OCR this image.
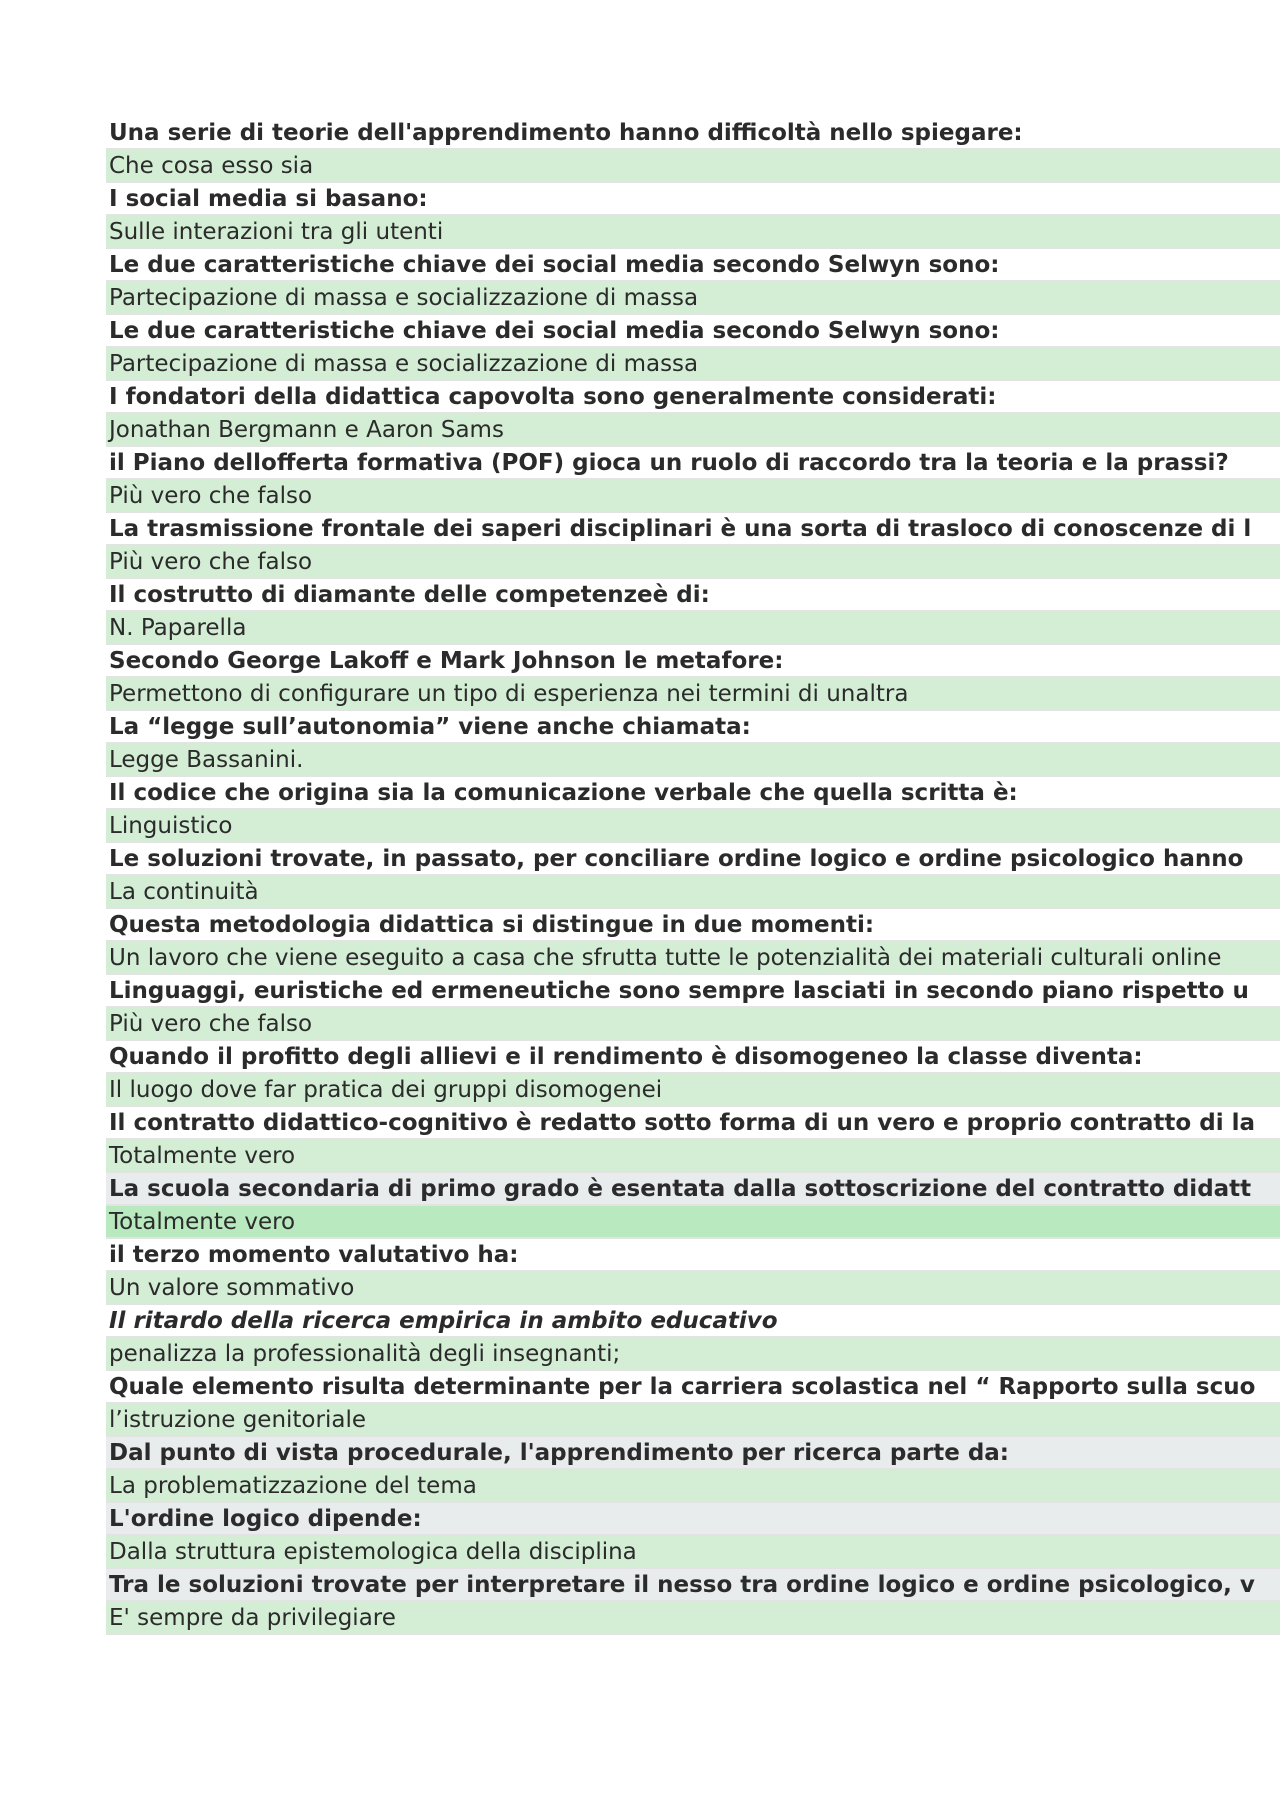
Una serie di teorie dell'apprendimento hanno difficoltà nello spiegare:
Che cosa esso sia
I social media si basano:
Sulle interazioni tra gli utenti
Le due caratteristiche chiave dei social media secondo Selwyn sono:
Partecipazione di massa e socializzazione di massa
Le due caratteristiche chiave dei social media secondo Selwyn sono:
Partecipazione di massa e socializzazione di massa
I fondatori della didattica capovolta sono generalmente considerati:
Jonathan Bergmann e Aaron Sams
il Piano dellofferta formativa (POF) gioca un ruolo di raccordo tra la teoria e la prassi?
Più vero che falso
La trasmissione frontale dei saperi disciplinari è una sorta di trasloco di conoscenze di l
Più vero che falso
Il costrutto di diamante delle competenzeè di:
N. Paparella
Secondo George Lakoff e Mark Johnson le metafore:
Permettono di configurare un tipo di esperienza nei termini di unaltra
La “legge sull’autonomia” viene anche chiamata:
Legge Bassanini.
Il codice che origina sia la comunicazione verbale che quella scritta è:
Linguistico
Le soluzioni trovate, in passato, per conciliare ordine logico e ordine psicologico hanno
La continuità
Questa metodologia didattica si distingue in due momenti:
Un lavoro che viene eseguito a casa che sfrutta tutte le potenzialità dei materiali culturali online
Linguaggi, euristiche ed ermeneutiche sono sempre lasciati in secondo piano rispetto u
Più vero che falso
Quando il profitto degli allievi e il rendimento è disomogeneo la classe diventa:
Il luogo dove far pratica dei gruppi disomogenei
Il contratto didattico-cognitivo è redatto sotto forma di un vero e proprio contratto di la
Totalmente vero
La scuola secondaria di primo grado è esentata dalla sottoscrizione del contratto didatt
Totalmente vero
il terzo momento valutativo ha:
Un valore sommativo
Il ritardo della ricerca empirica in ambito educativo
penalizza la professionalità degli insegnanti;
Quale elemento risulta determinante per la carriera scolastica nel “ Rapporto sulla scuo
l’istruzione genitoriale
Dal punto di vista procedurale, l'apprendimento per ricerca parte da:
La problematizzazione del tema
L'ordine logico dipende:
Dalla struttura epistemologica della disciplina
Tra le soluzioni trovate per interpretare il nesso tra ordine logico e ordine psicologico, v
E' sempre da privilegiare
